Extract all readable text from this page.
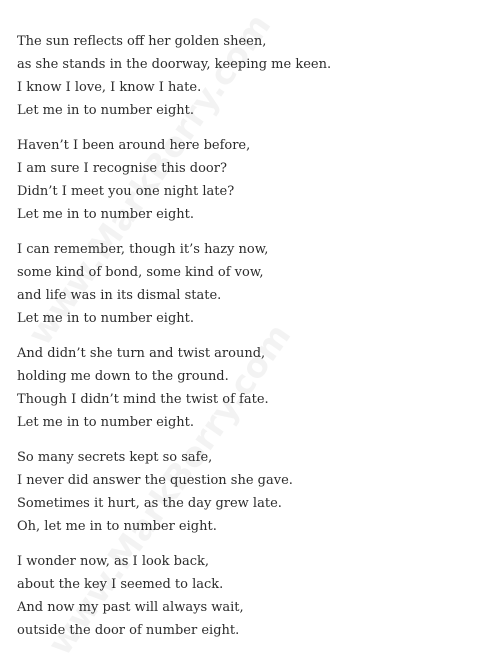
The sun reflects off her golden sheen,
as she stands in the doorway, keeping me keen.
I know I love, I know I hate.
Let me in to number eight.
Haven’t I been around here before,
I am sure I recognise this door?
Didn’t I meet you one night late?
Let me in to number eight.
I can remember, though it’s hazy now,
some kind of bond, some kind of vow,
and life was in its dismal state.
Let me in to number eight.
And didn’t she turn and twist around,
holding me down to the ground.
Though I didn’t mind the twist of fate.
Let me in to number eight.
So many secrets kept so safe,
I never did answer the question she gave.
Sometimes it hurt, as the day grew late.
Oh, let me in to number eight.
I wonder now, as I look back,
about the key I seemed to lack.
And now my past will always wait,
outside the door of number eight.
